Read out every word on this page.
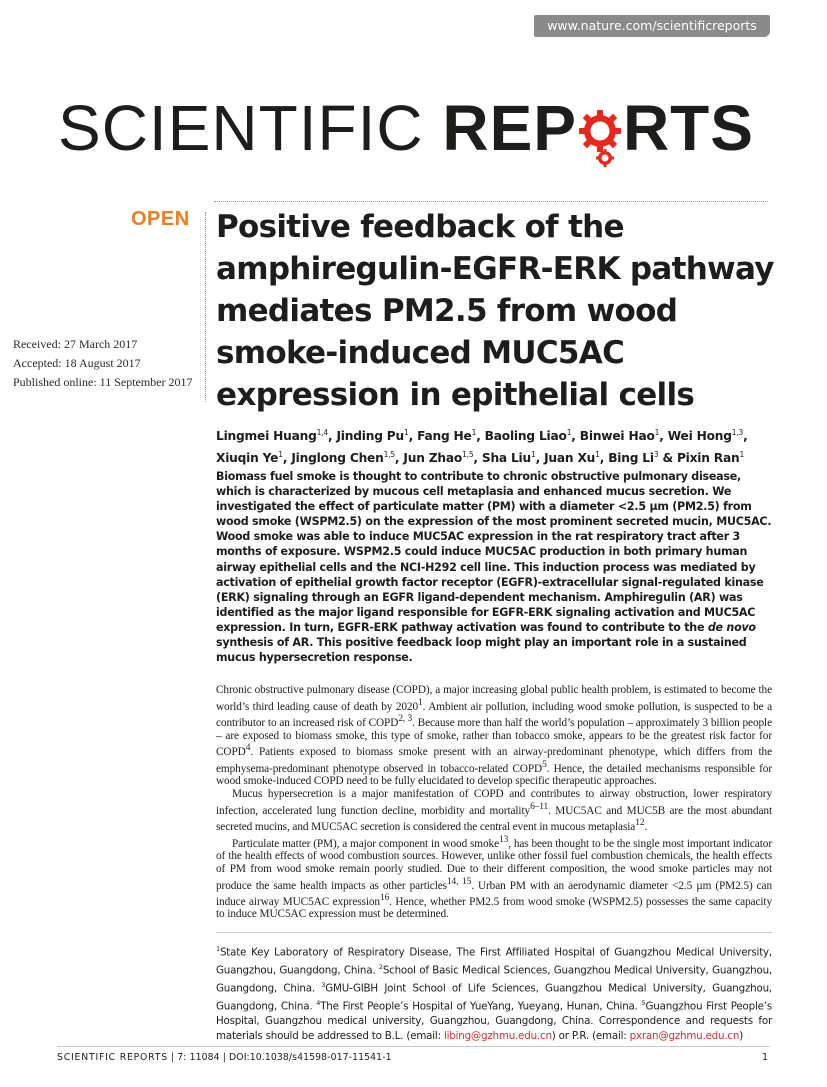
www.nature.com/scientificreports
SCIENTIFIC REP RTS
OPEN Positive feedback of the amphiregulin-EGFR-ERK pathway mediates PM2.5 from wood smoke-induced MUC5AC expression in epithelial cells
Received: 27 March 2017
Accepted: 18 August 2017
Published online: 11 September 2017
Lingmei Huang$^{1,4}$, Jinding Pu$^1$, Fang He$^1$, Baoling Liao$^1$, Binwei Hao$^1$, Wei Hong$^{1,3}$, Xiuqin Ye$^1$, Jinglong Chen$^{1,5}$, Jun Zhao$^{1,5}$, Sha Liu$^1$, Juan Xu$^1$, Bing Li$^3$ & Pixin Ran$^1$
Biomass fuel smoke is thought to contribute to chronic obstructive pulmonary disease, which is characterized by mucous cell metaplasia and enhanced mucus secretion. We investigated the effect of particulate matter (PM) with a diameter <2.5 µm (PM2.5) from wood smoke (WSPM2.5) on the expression of the most prominent secreted mucin, MUC5AC. Wood smoke was able to induce MUC5AC expression in the rat respiratory tract after 3 months of exposure. WSPM2.5 could induce MUC5AC production in both primary human airway epithelial cells and the NCI-H292 cell line. This induction process was mediated by activation of epithelial growth factor receptor (EGFR)-extracellular signal-regulated kinase (ERK) signaling through an EGFR ligand-dependent mechanism. Amphiregulin (AR) was identified as the major ligand responsible for EGFR-ERK signaling activation and MUC5AC expression. In turn, EGFR-ERK pathway activation was found to contribute to the de novo synthesis of AR. This positive feedback loop might play an important role in a sustained mucus hypersecretion response.

Chronic obstructive pulmonary disease (COPD), a major increasing global public health problem, is estimated to become the world’s third leading cause of death by 2020$^1$. Ambient air pollution, including wood smoke pollution, is suspected to be a contributor to an increased risk of COPD$^{2, 3}$. Because more than half the world’s population – approximately 3 billion people – are exposed to biomass smoke, this type of smoke, rather than tobacco smoke, appears to be the greatest risk factor for COPD$^4$. Patients exposed to biomass smoke present with an airway-predominant phenotype, which differs from the emphysema-predominant phenotype observed in tobacco-related COPD$^5$. Hence, the detailed mechanisms responsible for wood smoke-induced COPD need to be fully elucidated to develop specific therapeutic approaches.

Mucus hypersecretion is a major manifestation of COPD and contributes to airway obstruction, lower respiratory infection, accelerated lung function decline, morbidity and mortality$^{6-11}$. MUC5AC and MUC5B are the most abundant secreted mucins, and MUC5AC secretion is considered the central event in mucous metaplasia$^{12}$.

Particulate matter (PM), a major component in wood smoke$^{13}$, has been thought to be the single most important indicator of the health effects of wood combustion sources. However, unlike other fossil fuel combustion chemicals, the health effects of PM from wood smoke remain poorly studied. Due to their different composition, the wood smoke particles may not produce the same health impacts as other particles$^{14, 15}$. Urban PM with an aerodynamic diameter <2.5 µm (PM2.5) can induce airway MUC5AC expression$^{16}$. Hence, whether PM2.5 from wood smoke (WSPM2.5) possesses the same capacity to induce MUC5AC expression must be determined.

$^1$State Key Laboratory of Respiratory Disease, The First Affiliated Hospital of Guangzhou Medical University, Guangzhou, Guangdong, China. $^2$School of Basic Medical Sciences, Guangzhou Medical University, Guangzhou, Guangdong, China. $^3$GMU-GIBH Joint School of Life Sciences, Guangzhou Medical University, Guangzhou, Guangdong, China. $^4$The First People’s Hospital of YueYang, Yueyang, Hunan, China. $^5$Guangzhou First People’s Hospital, Guangzhou medical university, Guangzhou, Guangdong, China. Correspondence and requests for materials should be addressed to B.L. (email: libing@gzhmu.edu.cn) or P.R. (email: pxran@gzhmu.edu.cn)
SCIENTIFIC REPORTS | 7: 11084 | DOI:10.1038/s41598-017-11541-1	1
